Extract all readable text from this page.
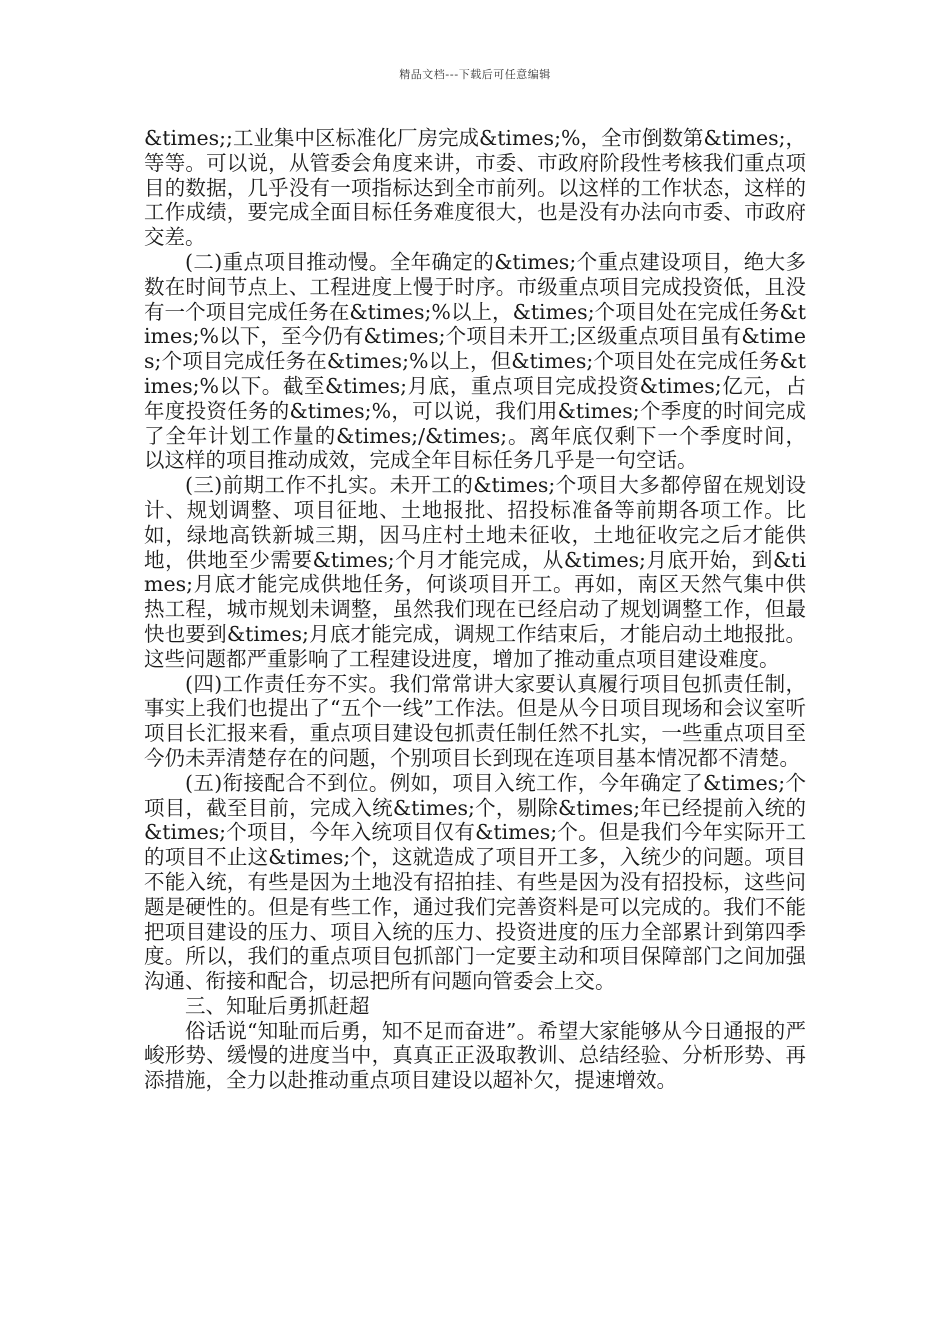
精品文档---下载后可任意编辑

&times;;工业集中区标准化厂房完成&times;%，全市倒数第&times;，等等。可以说，从管委会角度来讲，市委、市政府阶段性考核我们重点项目的数据，几乎没有一项指标达到全市前列。以这样的工作状态，这样的工作成绩，要完成全面目标任务难度很大，也是没有办法向市委、市政府交差。

(二)重点项目推动慢。全年确定的&times;个重点建设项目，绝大多数在时间节点上、工程进度上慢于时序。市级重点项目完成投资低，且没有一个项目完成任务在&times;%以上，&times;个项目处在完成任务&times;%以下，至今仍有&times;个项目未开工;区级重点项目虽有&times;个项目完成任务在&times;%以上，但&times;个项目处在完成任务&times;%以下。截至&times;月底，重点项目完成投资&times;亿元，占年度投资任务的&times;%，可以说，我们用&times;个季度的时间完成了全年计划工作量的&times;/&times;。离年底仅剩下一个季度时间，以这样的项目推动成效，完成全年目标任务几乎是一句空话。

(三)前期工作不扎实。未开工的&times;个项目大多都停留在规划设计、规划调整、项目征地、土地报批、招投标准备等前期各项工作。比如，绿地高铁新城三期，因马庄村土地未征收，土地征收完之后才能供地，供地至少需要&times;个月才能完成，从&times;月底开始，到&times;月底才能完成供地任务，何谈项目开工。再如，南区天然气集中供热工程，城市规划未调整，虽然我们现在已经启动了规划调整工作，但最快也要到&times;月底才能完成，调规工作结束后，才能启动土地报批。这些问题都严重影响了工程建设进度，增加了推动重点项目建设难度。

(四)工作责任夯不实。我们常常讲大家要认真履行项目包抓责任制，事实上我们也提出了“五个一线”工作法。但是从今日项目现场和会议室听项目长汇报来看，重点项目建设包抓责任制任然不扎实，一些重点项目至今仍未弄清楚存在的问题，个别项目长到现在连项目基本情况都不清楚。

(五)衔接配合不到位。例如，项目入统工作，今年确定了&times;个项目，截至目前，完成入统&times;个，剔除&times;年已经提前入统的&times;个项目，今年入统项目仅有&times;个。但是我们今年实际开工的项目不止这&times;个，这就造成了项目开工多，入统少的问题。项目不能入统，有些是因为土地没有招拍挂、有些是因为没有招投标，这些问题是硬性的。但是有些工作，通过我们完善资料是可以完成的。我们不能把项目建设的压力、项目入统的压力、投资进度的压力全部累计到第四季度。所以，我们的重点项目包抓部门一定要主动和项目保障部门之间加强沟通、衔接和配合，切忌把所有问题向管委会上交。

三、知耻后勇抓赶超

俗话说“知耻而后勇，知不足而奋进”。希望大家能够从今日通报的严峻形势、缓慢的进度当中，真真正正汲取教训、总结经验、分析形势、再添措施，全力以赴推动重点项目建设以超补欠，提速增效。
